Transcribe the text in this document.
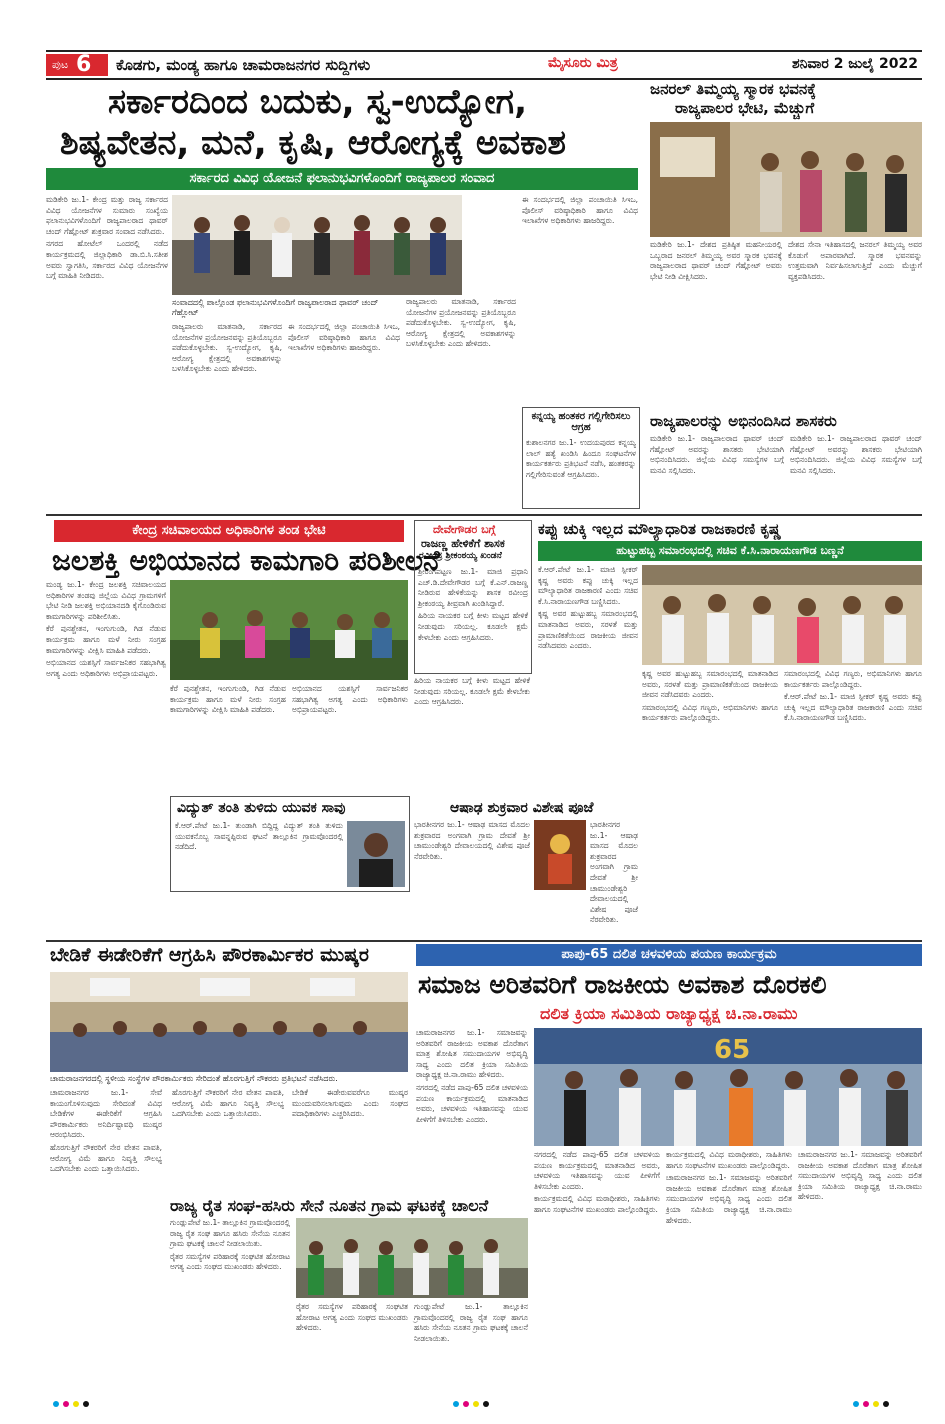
ಪುಟ 6 ಕೊಡಗು, ಮಂಡ್ಯ ಹಾಗೂ ಚಾಮರಾಜನಗರ ಸುದ್ದಿಗಳು	ಮೈಸೂರು ಮಿತ್ರ	ಶನಿವಾರ 2 ಜುಲೈ 2022
ಸರ್ಕಾರದಿಂದ ಬದುಕು, ಸ್ವ-ಉದ್ಯೋಗ,
ಶಿಷ್ಯವೇತನ, ಮನೆ, ಕೃಷಿ, ಆರೋಗ್ಯಕ್ಕೆ ಅವಕಾಶ
ಸರ್ಕಾರದ ವಿವಿಧ ಯೋಜನೆ ಫಲಾನುಭವಿಗಳೊಂದಿಗೆ ರಾಜ್ಯಪಾಲರ ಸಂವಾದ

ಮಡಿಕೇರಿ ಜು.1- ಕೇಂದ್ರ ಮತ್ತು ರಾಜ್ಯ ಸರ್ಕಾರದ ವಿವಿಧ ಯೋಜನೆಗಳ ಸುಮಾರು ಸಂಖ್ಯೆಯ ಫಲಾನುಭವಿಗಳೊಂದಿಗೆ ರಾಜ್ಯಪಾಲರಾದ ಥಾವರ್ ಚಂದ್ ಗೆಹ್ಲೋಟ್ ಶುಕ್ರವಾರ ಸಂವಾದ ನಡೆಸಿದರು.

ನಗರದ ಹೋಟೆಲ್ ಒಂದರಲ್ಲಿ ನಡೆದ ಕಾರ್ಯಕ್ರಮದಲ್ಲಿ ಜಿಲ್ಲಾಧಿಕಾರಿ ಡಾ.ಬಿ.ಸಿ.ಸತೀಶ ಅವರು ಸ್ವಾಗತಿಸಿ, ಸರ್ಕಾರದ ವಿವಿಧ ಯೋಜನೆಗಳ ಬಗ್ಗೆ ಮಾಹಿತಿ ನೀಡಿದರು.

ಸಂವಾದದಲ್ಲಿ ಪಾಲ್ಗೊಂಡ ಫಲಾನುಭವಿಗಳೊಂದಿಗೆ ರಾಜ್ಯಪಾಲರಾದ ಥಾವರ್ ಚಂದ್ ಗೆಹ್ಲೋಟ್

ರಾಜ್ಯಪಾಲರು ಮಾತನಾಡಿ, ಸರ್ಕಾರದ ಯೋಜನೆಗಳ ಪ್ರಯೋಜನವನ್ನು ಪ್ರತಿಯೊಬ್ಬರೂ ಪಡೆದುಕೊಳ್ಳಬೇಕು. ಸ್ವ-ಉದ್ಯೋಗ, ಕೃಷಿ, ಆರೋಗ್ಯ ಕ್ಷೇತ್ರದಲ್ಲಿ ಅವಕಾಶಗಳನ್ನು ಬಳಸಿಕೊಳ್ಳಬೇಕು ಎಂದು ಹೇಳಿದರು.

ಈ ಸಂದರ್ಭದಲ್ಲಿ ಜಿಲ್ಲಾ ಪಂಚಾಯಿತಿ ಸಿಇಒ, ಪೊಲೀಸ್ ವರಿಷ್ಠಾಧಿಕಾರಿ ಹಾಗೂ ವಿವಿಧ ಇಲಾಖೆಗಳ ಅಧಿಕಾರಿಗಳು ಹಾಜರಿದ್ದರು.

ರಾಜ್ಯಪಾಲರು ಮಾತನಾಡಿ, ಸರ್ಕಾರದ ಯೋಜನೆಗಳ ಪ್ರಯೋಜನವನ್ನು ಪ್ರತಿಯೊಬ್ಬರೂ ಪಡೆದುಕೊಳ್ಳಬೇಕು. ಸ್ವ-ಉದ್ಯೋಗ, ಕೃಷಿ, ಆರೋಗ್ಯ ಕ್ಷೇತ್ರದಲ್ಲಿ ಅವಕಾಶಗಳನ್ನು ಬಳಸಿಕೊಳ್ಳಬೇಕು ಎಂದು ಹೇಳಿದರು.

ಈ ಸಂದರ್ಭದಲ್ಲಿ ಜಿಲ್ಲಾ ಪಂಚಾಯಿತಿ ಸಿಇಒ, ಪೊಲೀಸ್ ವರಿಷ್ಠಾಧಿಕಾರಿ ಹಾಗೂ ವಿವಿಧ ಇಲಾಖೆಗಳ ಅಧಿಕಾರಿಗಳು ಹಾಜರಿದ್ದರು.

ಕನ್ನಯ್ಯ ಹಂತಕರ ಗಲ್ಲಿಗೇರಿಸಲು ಆಗ್ರಹ

ಕುಶಾಲನಗರ ಜು.1- ಉದಯಪುರದ ಕನ್ನಯ್ಯ ಲಾಲ್ ಹತ್ಯೆ ಖಂಡಿಸಿ ಹಿಂದೂ ಸಂಘಟನೆಗಳ ಕಾರ್ಯಕರ್ತರು ಪ್ರತಿಭಟನೆ ನಡೆಸಿ, ಹಂತಕರನ್ನು ಗಲ್ಲಿಗೇರಿಸುವಂತೆ ಆಗ್ರಹಿಸಿದರು.

ಜನರಲ್ ತಿಮ್ಮಯ್ಯ ಸ್ಮಾರಕ ಭವನಕ್ಕೆ
ರಾಜ್ಯಪಾಲರ ಭೇಟಿ, ಮೆಚ್ಚುಗೆ

ಮಡಿಕೇರಿ ಜು.1- ದೇಶದ ಪ್ರತಿಷ್ಠಿತ ಮಹನೀಯರಲ್ಲಿ ಒಬ್ಬರಾದ ಜನರಲ್ ತಿಮ್ಮಯ್ಯ ಅವರ ಸ್ಮಾರಕ ಭವನಕ್ಕೆ ರಾಜ್ಯಪಾಲರಾದ ಥಾವರ್ ಚಂದ್ ಗೆಹ್ಲೋಟ್ ಅವರು ಭೇಟಿ ನೀಡಿ ವೀಕ್ಷಿಸಿದರು.

ದೇಶದ ಸೇನಾ ಇತಿಹಾಸದಲ್ಲಿ ಜನರಲ್ ತಿಮ್ಮಯ್ಯ ಅವರ ಕೊಡುಗೆ ಅಪಾರವಾಗಿದೆ. ಸ್ಮಾರಕ ಭವನವನ್ನು ಉತ್ತಮವಾಗಿ ನಿರ್ವಹಿಸಲಾಗುತ್ತಿದೆ ಎಂದು ಮೆಚ್ಚುಗೆ ವ್ಯಕ್ತಪಡಿಸಿದರು.

ರಾಜ್ಯಪಾಲರನ್ನು ಅಭಿನಂದಿಸಿದ ಶಾಸಕರು

ಮಡಿಕೇರಿ ಜು.1- ರಾಜ್ಯಪಾಲರಾದ ಥಾವರ್ ಚಂದ್ ಗೆಹ್ಲೋಟ್ ಅವರನ್ನು ಶಾಸಕರು ಭೇಟಿಯಾಗಿ ಅಭಿನಂದಿಸಿದರು. ಜಿಲ್ಲೆಯ ವಿವಿಧ ಸಮಸ್ಯೆಗಳ ಬಗ್ಗೆ ಮನವಿ ಸಲ್ಲಿಸಿದರು.

ಮಡಿಕೇರಿ ಜು.1- ರಾಜ್ಯಪಾಲರಾದ ಥಾವರ್ ಚಂದ್ ಗೆಹ್ಲೋಟ್ ಅವರನ್ನು ಶಾಸಕರು ಭೇಟಿಯಾಗಿ ಅಭಿನಂದಿಸಿದರು. ಜಿಲ್ಲೆಯ ವಿವಿಧ ಸಮಸ್ಯೆಗಳ ಬಗ್ಗೆ ಮನವಿ ಸಲ್ಲಿಸಿದರು.

ಕೇಂದ್ರ ಸಚಿವಾಲಯದ ಅಧಿಕಾರಿಗಳ ತಂಡ ಭೇಟಿ
ಜಲಶಕ್ತಿ ಅಭಿಯಾನದ ಕಾಮಗಾರಿ ಪರಿಶೀಲನೆ

ಮಂಡ್ಯ ಜು.1- ಕೇಂದ್ರ ಜಲಶಕ್ತಿ ಸಚಿವಾಲಯದ ಅಧಿಕಾರಿಗಳ ತಂಡವು ಜಿಲ್ಲೆಯ ವಿವಿಧ ಗ್ರಾಮಗಳಿಗೆ ಭೇಟಿ ನೀಡಿ ಜಲಶಕ್ತಿ ಅಭಿಯಾನದಡಿ ಕೈಗೊಂಡಿರುವ ಕಾಮಗಾರಿಗಳನ್ನು ಪರಿಶೀಲಿಸಿತು.

ಕೆರೆ ಪುನಶ್ಚೇತನ, ಇಂಗುಗುಂಡಿ, ಗಿಡ ನೆಡುವ ಕಾರ್ಯಕ್ರಮ ಹಾಗೂ ಮಳೆ ನೀರು ಸಂಗ್ರಹ ಕಾಮಗಾರಿಗಳನ್ನು ವೀಕ್ಷಿಸಿ ಮಾಹಿತಿ ಪಡೆದರು.

ಅಭಿಯಾನದ ಯಶಸ್ಸಿಗೆ ಸಾರ್ವಜನಿಕರ ಸಹಭಾಗಿತ್ವ ಅಗತ್ಯ ಎಂದು ಅಧಿಕಾರಿಗಳು ಅಭಿಪ್ರಾಯಪಟ್ಟರು.

ಕೆರೆ ಪುನಶ್ಚೇತನ, ಇಂಗುಗುಂಡಿ, ಗಿಡ ನೆಡುವ ಕಾರ್ಯಕ್ರಮ ಹಾಗೂ ಮಳೆ ನೀರು ಸಂಗ್ರಹ ಕಾಮಗಾರಿಗಳನ್ನು ವೀಕ್ಷಿಸಿ ಮಾಹಿತಿ ಪಡೆದರು.

ಅಭಿಯಾನದ ಯಶಸ್ಸಿಗೆ ಸಾರ್ವಜನಿಕರ ಸಹಭಾಗಿತ್ವ ಅಗತ್ಯ ಎಂದು ಅಧಿಕಾರಿಗಳು ಅಭಿಪ್ರಾಯಪಟ್ಟರು.

ವಿದ್ಯುತ್ ತಂತಿ ತುಳಿದು ಯುವಕ ಸಾವು

ಕೆ.ಆರ್.ಪೇಟೆ ಜು.1- ತುಂಡಾಗಿ ಬಿದ್ದಿದ್ದ ವಿದ್ಯುತ್ ತಂತಿ ತುಳಿದು ಯುವಕನೊಬ್ಬ ಸಾವನ್ನಪ್ಪಿರುವ ಘಟನೆ ತಾಲ್ಲೂಕಿನ ಗ್ರಾಮವೊಂದರಲ್ಲಿ ನಡೆದಿದೆ.

ದೇವೇಗೌಡರ ಬಗ್ಗೆ
ರಾಜಣ್ಣ ಹೇಳಿಕೆಗೆ ಶಾಸಕ
ರವೀಂದ್ರ ಶ್ರೀಕಂಠಯ್ಯ ಖಂಡನೆ

ಶ್ರೀರಂಗಪಟ್ಟಣ ಜು.1- ಮಾಜಿ ಪ್ರಧಾನಿ ಎಚ್.ಡಿ.ದೇವೇಗೌಡರ ಬಗ್ಗೆ ಕೆ.ಎನ್.ರಾಜಣ್ಣ ನೀಡಿರುವ ಹೇಳಿಕೆಯನ್ನು ಶಾಸಕ ರವೀಂದ್ರ ಶ್ರೀಕಂಠಯ್ಯ ತೀವ್ರವಾಗಿ ಖಂಡಿಸಿದ್ದಾರೆ.

ಹಿರಿಯ ನಾಯಕರ ಬಗ್ಗೆ ಕೀಳು ಮಟ್ಟದ ಹೇಳಿಕೆ ನೀಡುವುದು ಸರಿಯಲ್ಲ. ಕೂಡಲೇ ಕ್ಷಮೆ ಕೇಳಬೇಕು ಎಂದು ಆಗ್ರಹಿಸಿದರು.

ಹಿರಿಯ ನಾಯಕರ ಬಗ್ಗೆ ಕೀಳು ಮಟ್ಟದ ಹೇಳಿಕೆ ನೀಡುವುದು ಸರಿಯಲ್ಲ. ಕೂಡಲೇ ಕ್ಷಮೆ ಕೇಳಬೇಕು ಎಂದು ಆಗ್ರಹಿಸಿದರು.

ಆಷಾಢ ಶುಕ್ರವಾರ ವಿಶೇಷ ಪೂಜೆ

ಭಾರತೀನಗರ ಜು.1- ಆಷಾಢ ಮಾಸದ ಮೊದಲ ಶುಕ್ರವಾರದ ಅಂಗವಾಗಿ ಗ್ರಾಮ ದೇವತೆ ಶ್ರೀ ಚಾಮುಂಡೇಶ್ವರಿ ದೇವಾಲಯದಲ್ಲಿ ವಿಶೇಷ ಪೂಜೆ ನೆರವೇರಿತು.

ಭಾರತೀನಗರ ಜು.1- ಆಷಾಢ ಮಾಸದ ಮೊದಲ ಶುಕ್ರವಾರದ ಅಂಗವಾಗಿ ಗ್ರಾಮ ದೇವತೆ ಶ್ರೀ ಚಾಮುಂಡೇಶ್ವರಿ ದೇವಾಲಯದಲ್ಲಿ ವಿಶೇಷ ಪೂಜೆ ನೆರವೇರಿತು.

ಕಪ್ಪು ಚುಕ್ಕಿ ಇಲ್ಲದ ಮೌಲ್ಯಾಧಾರಿತ ರಾಜಕಾರಣಿ ಕೃಷ್ಣ
ಹುಟ್ಟುಹಬ್ಬ ಸಮಾರಂಭದಲ್ಲಿ ಸಚಿವ ಕೆ.ಸಿ.ನಾರಾಯಣಗೌಡ ಬಣ್ಣನೆ

ಕೆ.ಆರ್.ಪೇಟೆ ಜು.1- ಮಾಜಿ ಸ್ಪೀಕರ್ ಕೃಷ್ಣ ಅವರು ಕಪ್ಪು ಚುಕ್ಕಿ ಇಲ್ಲದ ಮೌಲ್ಯಾಧಾರಿತ ರಾಜಕಾರಣಿ ಎಂದು ಸಚಿವ ಕೆ.ಸಿ.ನಾರಾಯಣಗೌಡ ಬಣ್ಣಿಸಿದರು.

ಕೃಷ್ಣ ಅವರ ಹುಟ್ಟುಹಬ್ಬ ಸಮಾರಂಭದಲ್ಲಿ ಮಾತನಾಡಿದ ಅವರು, ಸರಳತೆ ಮತ್ತು ಪ್ರಾಮಾಣಿಕತೆಯಿಂದ ರಾಜಕೀಯ ಜೀವನ ನಡೆಸಿದವರು ಎಂದರು.

ಕೃಷ್ಣ ಅವರ ಹುಟ್ಟುಹಬ್ಬ ಸಮಾರಂಭದಲ್ಲಿ ಮಾತನಾಡಿದ ಅವರು, ಸರಳತೆ ಮತ್ತು ಪ್ರಾಮಾಣಿಕತೆಯಿಂದ ರಾಜಕೀಯ ಜೀವನ ನಡೆಸಿದವರು ಎಂದರು.

ಸಮಾರಂಭದಲ್ಲಿ ವಿವಿಧ ಗಣ್ಯರು, ಅಭಿಮಾನಿಗಳು ಹಾಗೂ ಕಾರ್ಯಕರ್ತರು ಪಾಲ್ಗೊಂಡಿದ್ದರು.

ಸಮಾರಂಭದಲ್ಲಿ ವಿವಿಧ ಗಣ್ಯರು, ಅಭಿಮಾನಿಗಳು ಹಾಗೂ ಕಾರ್ಯಕರ್ತರು ಪಾಲ್ಗೊಂಡಿದ್ದರು.

ಕೆ.ಆರ್.ಪೇಟೆ ಜು.1- ಮಾಜಿ ಸ್ಪೀಕರ್ ಕೃಷ್ಣ ಅವರು ಕಪ್ಪು ಚುಕ್ಕಿ ಇಲ್ಲದ ಮೌಲ್ಯಾಧಾರಿತ ರಾಜಕಾರಣಿ ಎಂದು ಸಚಿವ ಕೆ.ಸಿ.ನಾರಾಯಣಗೌಡ ಬಣ್ಣಿಸಿದರು.

ಬೇಡಿಕೆ ಈಡೇರಿಕೆಗೆ ಆಗ್ರಹಿಸಿ ಪೌರಕಾರ್ಮಿಕರ ಮುಷ್ಕರ
ಚಾಮರಾಜನಗರದಲ್ಲಿ ಸ್ಥಳೀಯ ಸಂಸ್ಥೆಗಳ ಪೌರಕಾರ್ಮಿಕರು ಸೇರಿದಂತೆ ಹೊರಗುತ್ತಿಗೆ ನೌಕರರು ಪ್ರತಿಭಟನೆ ನಡೆಸಿದರು.

ಚಾಮರಾಜನಗರ ಜು.1- ಸೇವೆ ಕಾಯಂಗೊಳಿಸುವುದು ಸೇರಿದಂತೆ ವಿವಿಧ ಬೇಡಿಕೆಗಳ ಈಡೇರಿಕೆಗೆ ಆಗ್ರಹಿಸಿ ಪೌರಕಾರ್ಮಿಕರು ಅನಿರ್ದಿಷ್ಟಾವಧಿ ಮುಷ್ಕರ ಆರಂಭಿಸಿದರು.

ಹೊರಗುತ್ತಿಗೆ ನೌಕರರಿಗೆ ನೇರ ವೇತನ ಪಾವತಿ, ಆರೋಗ್ಯ ವಿಮೆ ಹಾಗೂ ನಿವೃತ್ತಿ ಸೌಲಭ್ಯ ಒದಗಿಸಬೇಕು ಎಂದು ಒತ್ತಾಯಿಸಿದರು.

ಹೊರಗುತ್ತಿಗೆ ನೌಕರರಿಗೆ ನೇರ ವೇತನ ಪಾವತಿ, ಆರೋಗ್ಯ ವಿಮೆ ಹಾಗೂ ನಿವೃತ್ತಿ ಸೌಲಭ್ಯ ಒದಗಿಸಬೇಕು ಎಂದು ಒತ್ತಾಯಿಸಿದರು.

ಬೇಡಿಕೆ ಈಡೇರುವವರೆಗೂ ಮುಷ್ಕರ ಮುಂದುವರಿಸಲಾಗುವುದು ಎಂದು ಸಂಘದ ಪದಾಧಿಕಾರಿಗಳು ಎಚ್ಚರಿಸಿದರು.

ಪಾಪು-65 ದಲಿತ ಚಳವಳಿಯ ಪಯಣ ಕಾರ್ಯಕ್ರಮ
ಸಮಾಜ ಅರಿತವರಿಗೆ ರಾಜಕೀಯ ಅವಕಾಶ ದೊರಕಲಿ
ದಲಿತ ಕ್ರಿಯಾ ಸಮಿತಿಯ ರಾಜ್ಯಾಧ್ಯಕ್ಷ ಚಿ.ನಾ.ರಾಮು

ಚಾಮರಾಜನಗರ ಜು.1- ಸಮಾಜವನ್ನು ಅರಿತವರಿಗೆ ರಾಜಕೀಯ ಅವಕಾಶ ದೊರೆತಾಗ ಮಾತ್ರ ಶೋಷಿತ ಸಮುದಾಯಗಳ ಅಭಿವೃದ್ಧಿ ಸಾಧ್ಯ ಎಂದು ದಲಿತ ಕ್ರಿಯಾ ಸಮಿತಿಯ ರಾಜ್ಯಾಧ್ಯಕ್ಷ ಚಿ.ನಾ.ರಾಮು ಹೇಳಿದರು.

ನಗರದಲ್ಲಿ ನಡೆದ ಪಾಪು-65 ದಲಿತ ಚಳವಳಿಯ ಪಯಣ ಕಾರ್ಯಕ್ರಮದಲ್ಲಿ ಮಾತನಾಡಿದ ಅವರು, ಚಳವಳಿಯ ಇತಿಹಾಸವನ್ನು ಯುವ ಪೀಳಿಗೆಗೆ ತಿಳಿಸಬೇಕು ಎಂದರು.

65

ನಗರದಲ್ಲಿ ನಡೆದ ಪಾಪು-65 ದಲಿತ ಚಳವಳಿಯ ಪಯಣ ಕಾರ್ಯಕ್ರಮದಲ್ಲಿ ಮಾತನಾಡಿದ ಅವರು, ಚಳವಳಿಯ ಇತಿಹಾಸವನ್ನು ಯುವ ಪೀಳಿಗೆಗೆ ತಿಳಿಸಬೇಕು ಎಂದರು.

ಕಾರ್ಯಕ್ರಮದಲ್ಲಿ ವಿವಿಧ ಮಠಾಧೀಶರು, ಸಾಹಿತಿಗಳು ಹಾಗೂ ಸಂಘಟನೆಗಳ ಮುಖಂಡರು ಪಾಲ್ಗೊಂಡಿದ್ದರು.

ಕಾರ್ಯಕ್ರಮದಲ್ಲಿ ವಿವಿಧ ಮಠಾಧೀಶರು, ಸಾಹಿತಿಗಳು ಹಾಗೂ ಸಂಘಟನೆಗಳ ಮುಖಂಡರು ಪಾಲ್ಗೊಂಡಿದ್ದರು.

ಚಾಮರಾಜನಗರ ಜು.1- ಸಮಾಜವನ್ನು ಅರಿತವರಿಗೆ ರಾಜಕೀಯ ಅವಕಾಶ ದೊರೆತಾಗ ಮಾತ್ರ ಶೋಷಿತ ಸಮುದಾಯಗಳ ಅಭಿವೃದ್ಧಿ ಸಾಧ್ಯ ಎಂದು ದಲಿತ ಕ್ರಿಯಾ ಸಮಿತಿಯ ರಾಜ್ಯಾಧ್ಯಕ್ಷ ಚಿ.ನಾ.ರಾಮು ಹೇಳಿದರು.

ಚಾಮರಾಜನಗರ ಜು.1- ಸಮಾಜವನ್ನು ಅರಿತವರಿಗೆ ರಾಜಕೀಯ ಅವಕಾಶ ದೊರೆತಾಗ ಮಾತ್ರ ಶೋಷಿತ ಸಮುದಾಯಗಳ ಅಭಿವೃದ್ಧಿ ಸಾಧ್ಯ ಎಂದು ದಲಿತ ಕ್ರಿಯಾ ಸಮಿತಿಯ ರಾಜ್ಯಾಧ್ಯಕ್ಷ ಚಿ.ನಾ.ರಾಮು ಹೇಳಿದರು.

ರಾಜ್ಯ ರೈತ ಸಂಘ-ಹಸಿರು ಸೇನೆ ನೂತನ ಗ್ರಾಮ ಘಟಕಕ್ಕೆ ಚಾಲನೆ

ಗುಂಡ್ಲುಪೇಟೆ ಜು.1- ತಾಲ್ಲೂಕಿನ ಗ್ರಾಮವೊಂದರಲ್ಲಿ ರಾಜ್ಯ ರೈತ ಸಂಘ ಹಾಗೂ ಹಸಿರು ಸೇನೆಯ ನೂತನ ಗ್ರಾಮ ಘಟಕಕ್ಕೆ ಚಾಲನೆ ನೀಡಲಾಯಿತು.

ರೈತರ ಸಮಸ್ಯೆಗಳ ಪರಿಹಾರಕ್ಕೆ ಸಂಘಟಿತ ಹೋರಾಟ ಅಗತ್ಯ ಎಂದು ಸಂಘದ ಮುಖಂಡರು ಹೇಳಿದರು.

ರೈತರ ಸಮಸ್ಯೆಗಳ ಪರಿಹಾರಕ್ಕೆ ಸಂಘಟಿತ ಹೋರಾಟ ಅಗತ್ಯ ಎಂದು ಸಂಘದ ಮುಖಂಡರು ಹೇಳಿದರು.

ಗುಂಡ್ಲುಪೇಟೆ ಜು.1- ತಾಲ್ಲೂಕಿನ ಗ್ರಾಮವೊಂದರಲ್ಲಿ ರಾಜ್ಯ ರೈತ ಸಂಘ ಹಾಗೂ ಹಸಿರು ಸೇನೆಯ ನೂತನ ಗ್ರಾಮ ಘಟಕಕ್ಕೆ ಚಾಲನೆ ನೀಡಲಾಯಿತು.
